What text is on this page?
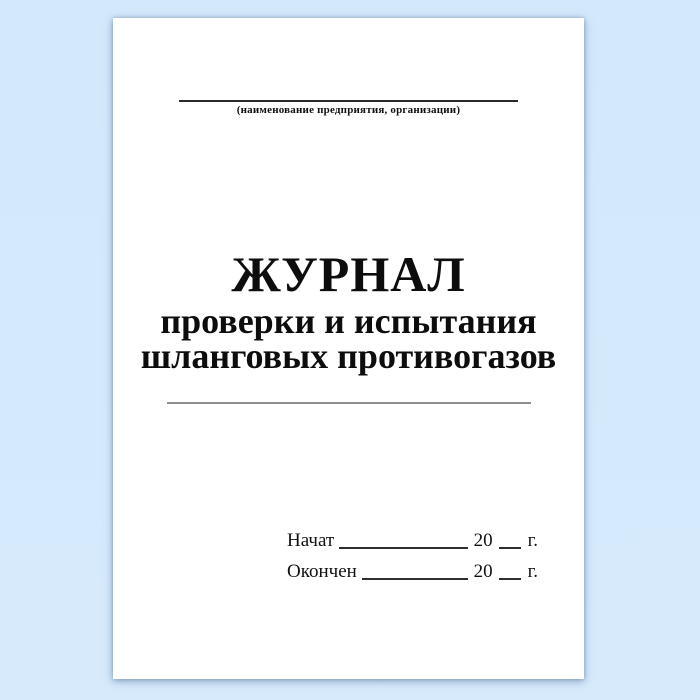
(наименование предприятия, организации)
ЖУРНАЛ
проверки и испытания
шланговых противогазов
Начат	20 г.
Окончен	20 г.
